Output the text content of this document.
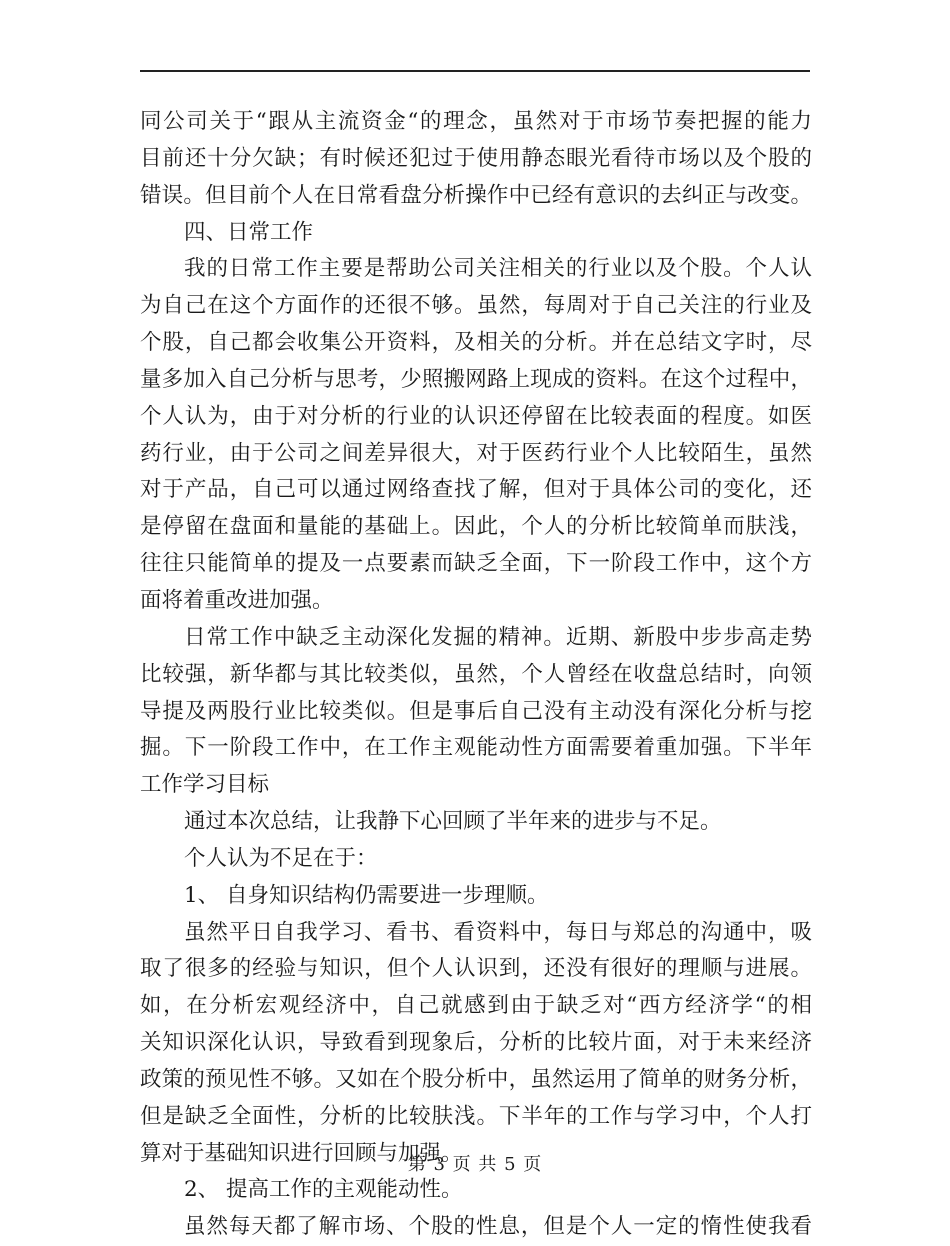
同公司关于“跟从主流资金“的理念，虽然对于市场节奏把握的能力
目前还十分欠缺；有时候还犯过于使用静态眼光看待市场以及个股的
错误。但目前个人在日常看盘分析操作中已经有意识的去纠正与改变。
四、日常工作
我的日常工作主要是帮助公司关注相关的行业以及个股。个人认
为自己在这个方面作的还很不够。虽然，每周对于自己关注的行业及
个股，自己都会收集公开资料，及相关的分析。并在总结文字时，尽
量多加入自己分析与思考，少照搬网路上现成的资料。在这个过程中，
个人认为，由于对分析的行业的认识还停留在比较表面的程度。如医
药行业，由于公司之间差异很大，对于医药行业个人比较陌生，虽然
对于产品，自己可以通过网络查找了解，但对于具体公司的变化，还
是停留在盘面和量能的基础上。因此，个人的分析比较简单而肤浅，
往往只能简单的提及一点要素而缺乏全面，下一阶段工作中，这个方
面将着重改进加强。
日常工作中缺乏主动深化发掘的精神。近期、新股中步步高走势
比较强，新华都与其比较类似，虽然，个人曾经在收盘总结时，向领
导提及两股行业比较类似。但是事后自己没有主动没有深化分析与挖
掘。下一阶段工作中，在工作主观能动性方面需要着重加强。下半年
工作学习目标
通过本次总结，让我静下心回顾了半年来的进步与不足。
个人认为不足在于：
1、 自身知识结构仍需要进一步理顺。
虽然平日自我学习、看书、看资料中，每日与郑总的沟通中，吸
取了很多的经验与知识，但个人认识到，还没有很好的理顺与进展。
如，在分析宏观经济中，自己就感到由于缺乏对“西方经济学“的相
关知识深化认识，导致看到现象后，分析的比较片面，对于未来经济
政策的预见性不够。又如在个股分析中，虽然运用了简单的财务分析，
但是缺乏全面性，分析的比较肤浅。下半年的工作与学习中，个人打
算对于基础知识进行回顾与加强。
2、 提高工作的主观能动性。
虽然每天都了解市场、个股的性息，但是个人一定的惰性使我看
第 3 页 共 5 页
